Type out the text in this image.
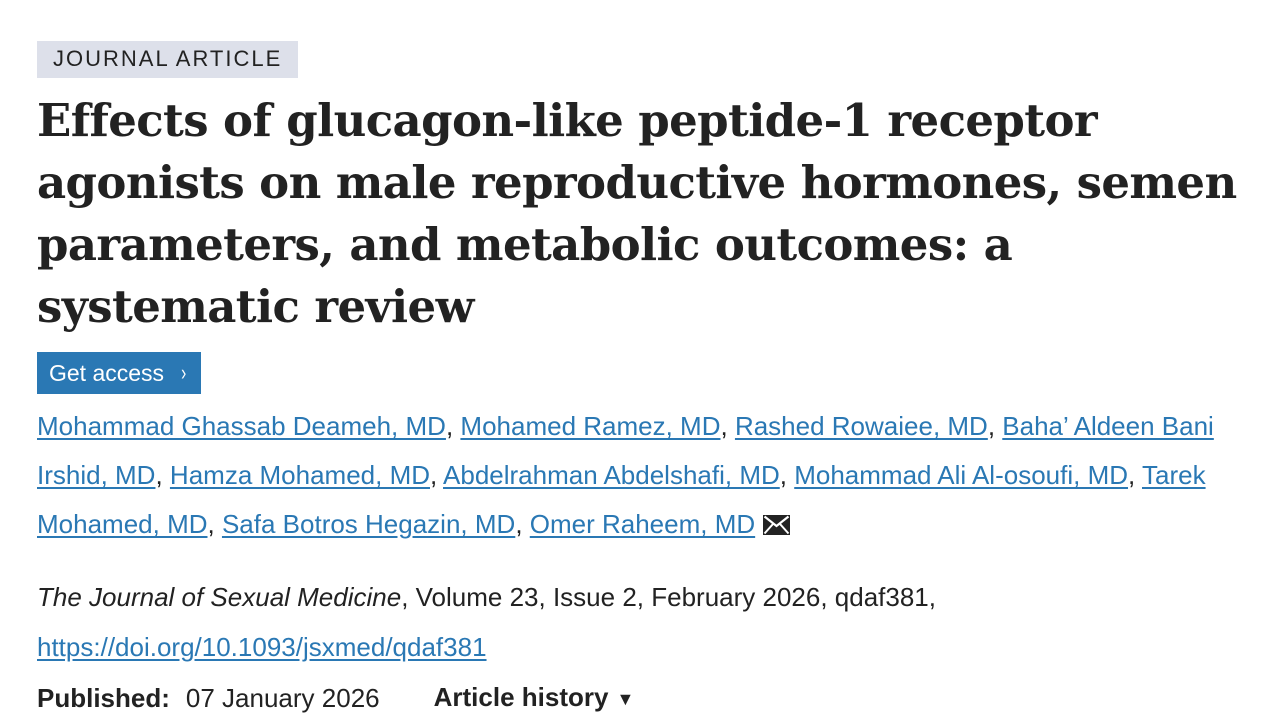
JOURNAL ARTICLE
Effects of glucagon-like peptide-1 receptor agonists on male reproductive hormones, semen parameters, and metabolic outcomes: a systematic review
Get access ›
Mohammad Ghassab Deameh, MD, Mohamed Ramez, MD, Rashed Rowaiee, MD, Baha’ Aldeen Bani Irshid, MD, Hamza Mohamed, MD, Abdelrahman Abdelshafi, MD, Mohammad Ali Al-osoufi, MD, Tarek Mohamed, MD, Safa Botros Hegazin, MD, Omer Raheem, MD
The Journal of Sexual Medicine, Volume 23, Issue 2, February 2026, qdaf381,
https://doi.org/10.1093/jsxmed/qdaf381
Published: 07 January 2026 Article history ▼
